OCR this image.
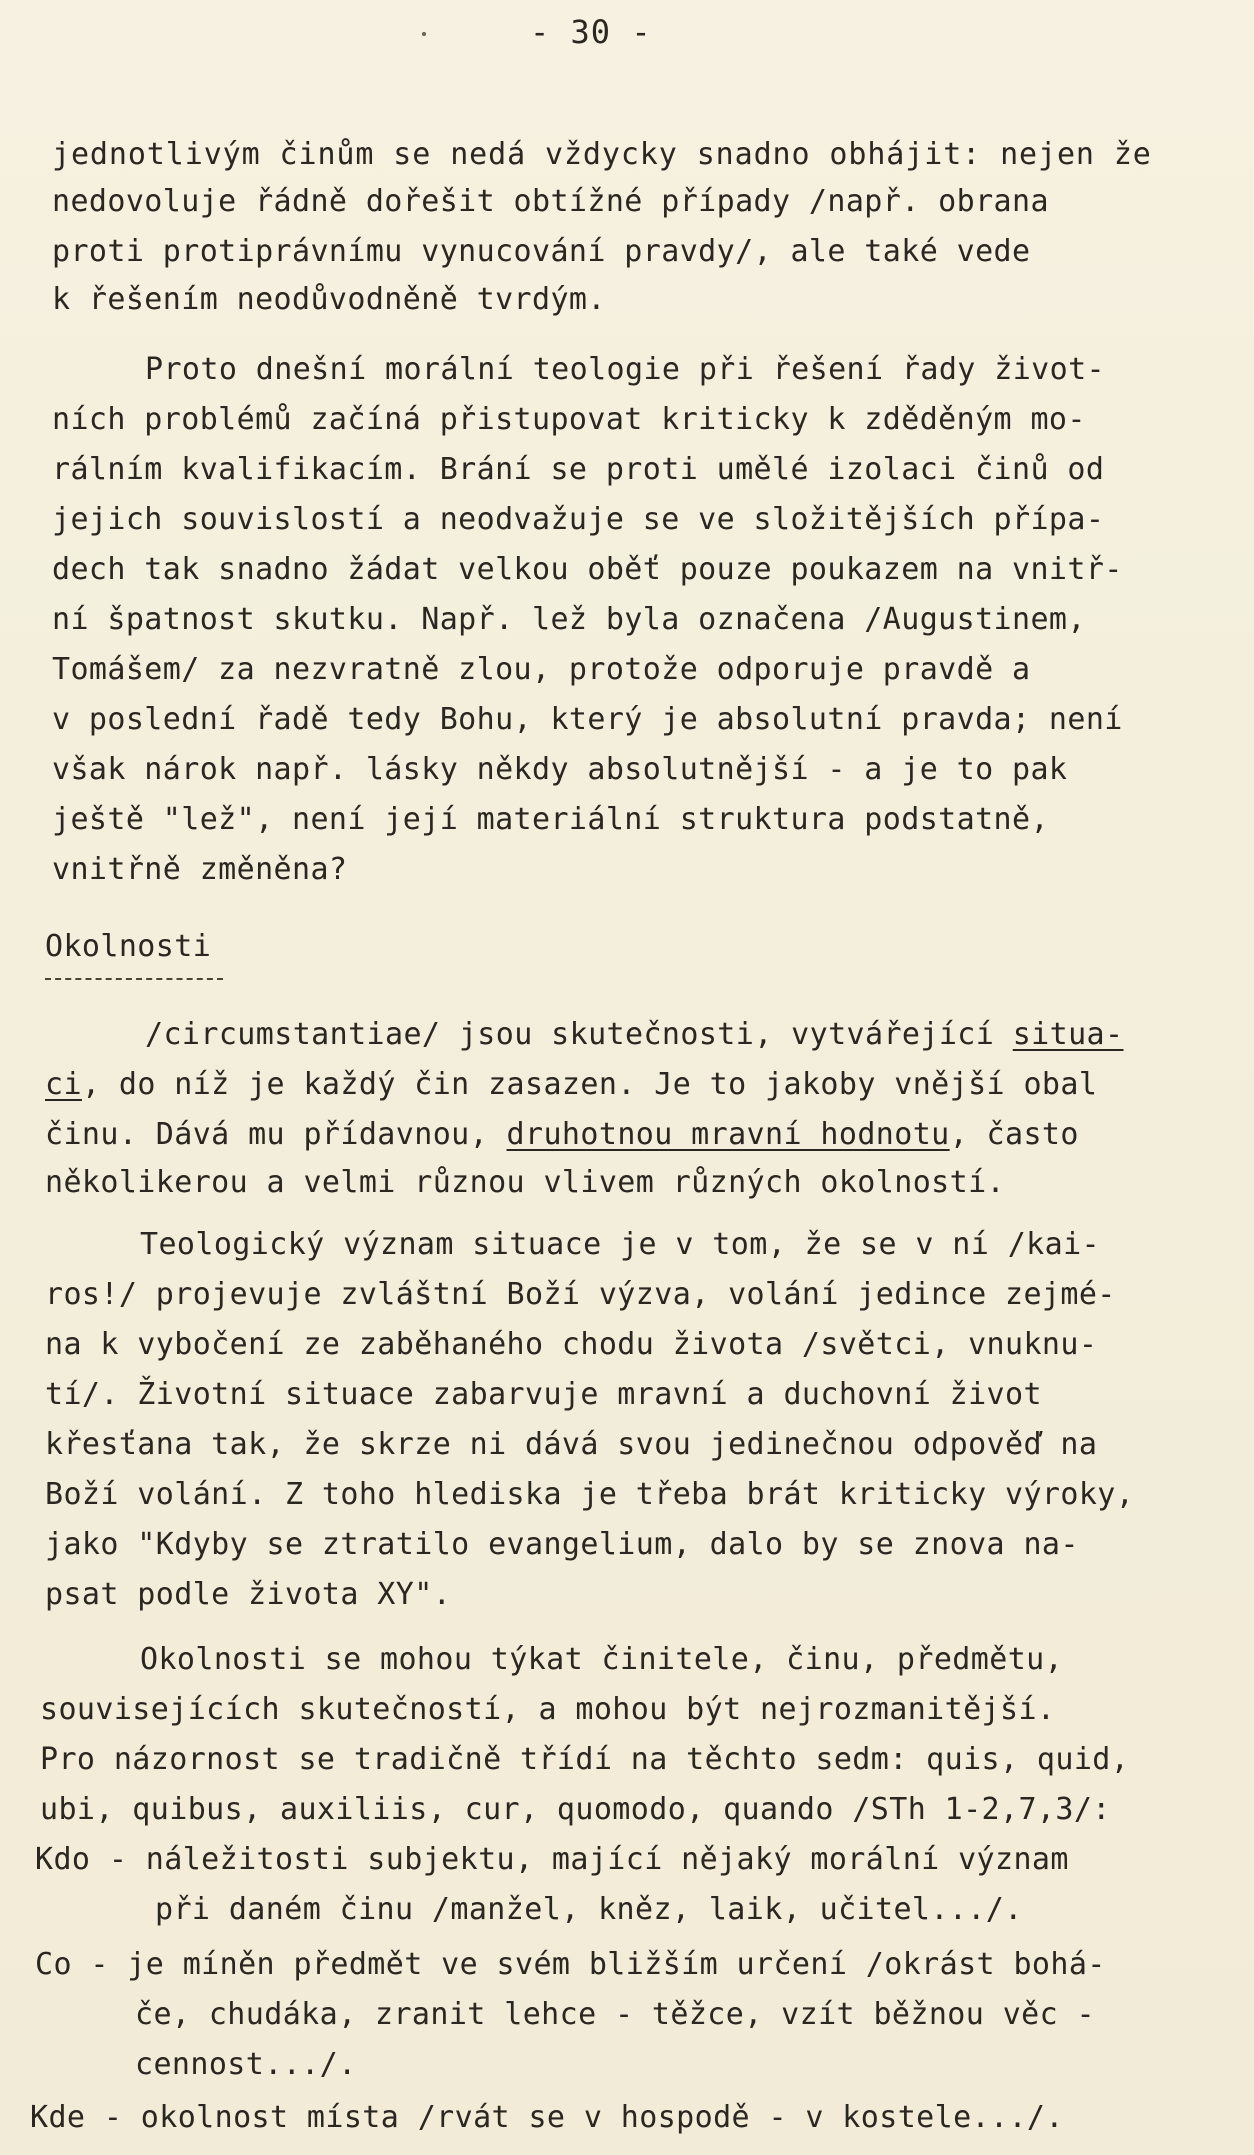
- 30 -
jednotlivým činům se nedá vždycky snadno obhájit: nejen že
nedovoluje řádně dořešit obtížné případy /např. obrana
proti protiprávnímu vynucování pravdy/, ale také vede
k řešením neodůvodněně tvrdým.
Proto dnešní morální teologie při řešení řady život-
ních problémů začíná přistupovat kriticky k zděděným mo-
rálním kvalifikacím. Brání se proti umělé izolaci činů od
jejich souvislostí a neodvažuje se ve složitějších přípa-
dech tak snadno žádat velkou oběť pouze poukazem na vnitř-
ní špatnost skutku. Např. lež byla označena /Augustinem,
Tomášem/ za nezvratně zlou, protože odporuje pravdě a
v poslední řadě tedy Bohu, který je absolutní pravda; není
však nárok např. lásky někdy absolutnější - a je to pak
ještě "lež", není její materiální struktura podstatně,
vnitřně změněna?
Okolnosti
/circumstantiae/ jsou skutečnosti, vytvářející situa-
ci, do níž je každý čin zasazen. Je to jakoby vnější obal
činu. Dává mu přídavnou, druhotnou mravní hodnotu, často
několikerou a velmi různou vlivem různých okolností.
Teologický význam situace je v tom, že se v ní /kai-
ros!/ projevuje zvláštní Boží výzva, volání jedince zejmé-
na k vybočení ze zaběhaného chodu života /světci, vnuknu-
tí/. Životní situace zabarvuje mravní a duchovní život
křesťana tak, že skrze ni dává svou jedinečnou odpověď na
Boží volání. Z toho hlediska je třeba brát kriticky výroky,
jako "Kdyby se ztratilo evangelium, dalo by se znova na-
psat podle života XY".
Okolnosti se mohou týkat činitele, činu, předmětu,
souvisejících skutečností, a mohou být nejrozmanitější.
Pro názornost se tradičně třídí na těchto sedm: quis, quid,
ubi, quibus, auxiliis, cur, quomodo, quando /STh 1-2,7,3/:
Kdo - náležitosti subjektu, mající nějaký morální význam
při daném činu /manžel, kněz, laik, učitel.../.
Co - je míněn předmět ve svém bližším určení /okrást bohá-
če, chudáka, zranit lehce - těžce, vzít běžnou věc -
cennost.../.
Kde - okolnost místa /rvát se v hospodě - v kostele.../.
